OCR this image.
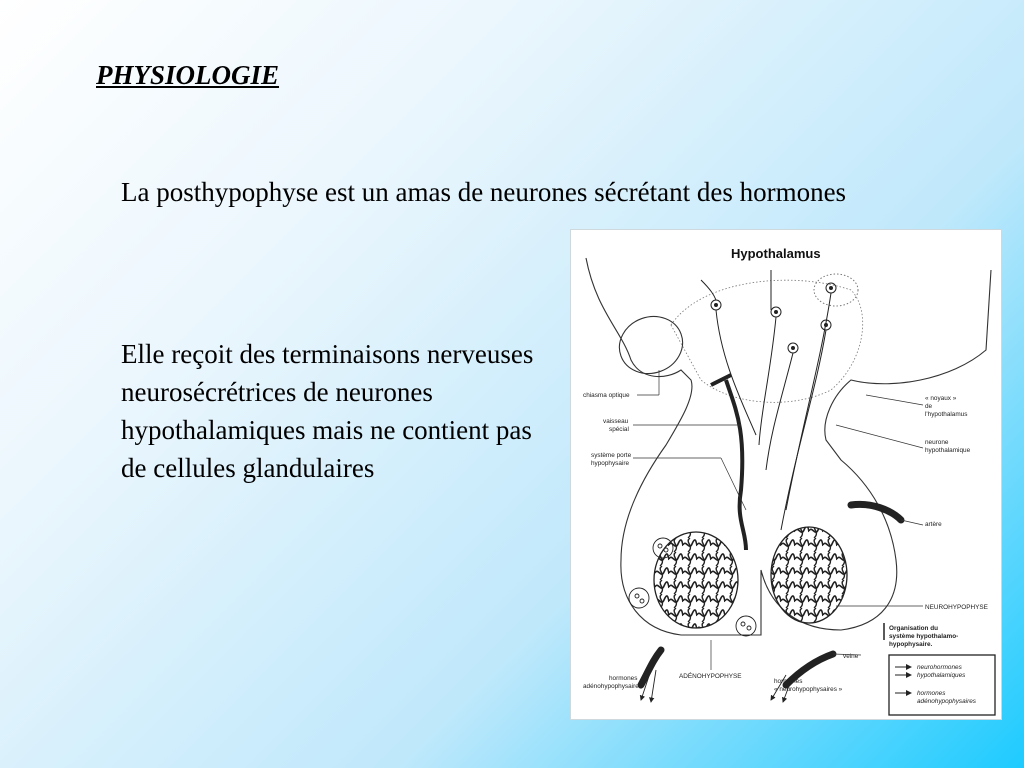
PHYSIOLOGIE
La posthypophyse est un amas de neurones sécrétant des hormones
Elle reçoit des terminaisons nerveuses neurosécrétrices de neurones hypothalamiques mais ne contient pas de cellules glandulaires
Hypothalamus
chiasma optique
vaisseau
spécial
système porte
hypophysaire
« noyaux »
de
l'hypothalamus
neurone
hypothalamique
artère
NEUROHYPOPHYSE
ADÉNOHYPOPHYSE
veine
hormones
adénohypophysaires
hormones
« neurohypophysaires »
Organisation du
système hypothalamo-
hypophysaire.
neurohormones
hypothalamiques
hormones
adénohypophysaires
